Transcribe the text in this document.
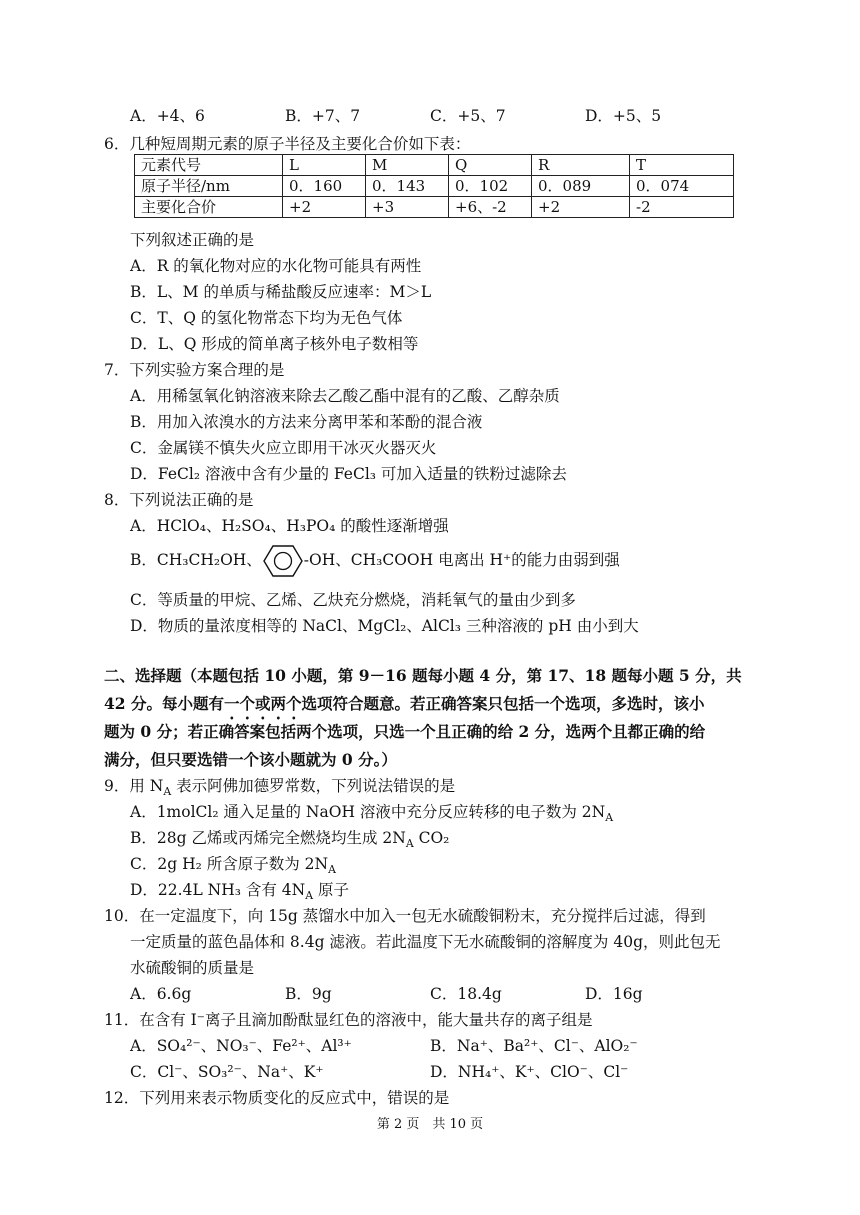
A．+4、6	B．+7、7	C．+5、7	D．+5、5
6．几种短周期元素的原子半径及主要化合价如下表：
元素代号	L	M	Q	R	T
原子半径/nm	0．160	0．143	0．102	0．089	0．074
主要化合价	+2	+3	+6、-2	+2	-2
下列叙述正确的是
A．R 的氧化物对应的水化物可能具有两性
B．L、M 的单质与稀盐酸反应速率：M＞L
C．T、Q 的氢化物常态下均为无色气体
D．L、Q 形成的简单离子核外电子数相等
7．下列实验方案合理的是
A．用稀氢氧化钠溶液来除去乙酸乙酯中混有的乙酸、乙醇杂质
B．用加入浓溴水的方法来分离甲苯和苯酚的混合液
C．金属镁不慎失火应立即用干冰灭火器灭火
D．FeCl₂ 溶液中含有少量的 FeCl₃ 可加入适量的铁粉过滤除去
8．下列说法正确的是
A．HClO₄、H₂SO₄、H₃PO₄ 的酸性逐渐增强
B．CH₃CH₂OH、	-OH、CH₃COOH 电离出 H⁺的能力由弱到强
C．等质量的甲烷、乙烯、乙炔充分燃烧，消耗氧气的量由少到多
D．物质的量浓度相等的 NaCl、MgCl₂、AlCl₃ 三种溶液的 pH 由小到大
二、选择题（本题包括 10 小题，第 9－16 题每小题 4 分，第 17、18 题每小题 5 分，共
42 分。每小题有一个或两个选项符合题意。若正确答案只包括一个选项，多选时，该小
题为 0 分；若正确答案包括两个选项，只选一个且正确的给 2 分，选两个且都正确的给
满分，但只要选错一个该小题就为 0 分。）
9．用 $N_A$ 表示阿佛加德罗常数，下列说法错误的是
A．1molCl₂ 通入足量的 NaOH 溶液中充分反应转移的电子数为 $2N_A$
B．28g 乙烯或丙烯完全燃烧均生成 $2N_A$ CO₂
C．2g H₂ 所含原子数为 $2N_A$
D．22.4L NH₃ 含有 $4N_A$ 原子
10．在一定温度下，向 15g 蒸馏水中加入一包无水硫酸铜粉末，充分搅拌后过滤，得到
一定质量的蓝色晶体和 8.4g 滤液。若此温度下无水硫酸铜的溶解度为 40g，则此包无
水硫酸铜的质量是
A．6.6g	B．9g	C．18.4g	D．16g
11．在含有 I⁻离子且滴加酚酞显红色的溶液中，能大量共存的离子组是
A．SO₄²⁻、NO₃⁻、Fe²⁺、Al³⁺	B．Na⁺、Ba²⁺、Cl⁻、AlO₂⁻
C．Cl⁻、SO₃²⁻、Na⁺、K⁺	D．NH₄⁺、K⁺、ClO⁻、Cl⁻
12．下列用来表示物质变化的反应式中，错误的是
第 2 页　共 10 页
